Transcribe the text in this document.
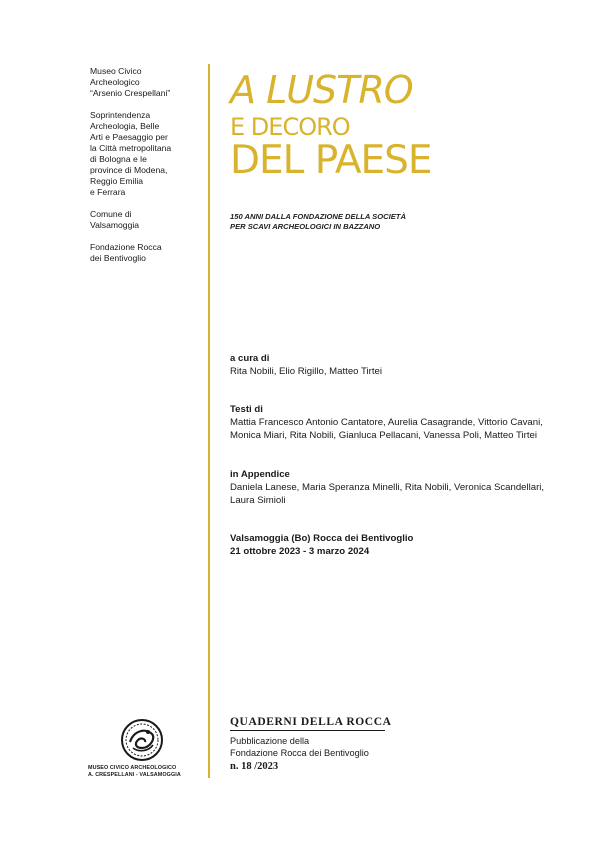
Museo Civico
Archeologico
“Arsenio Crespellani”
Soprintendenza
Archeologia, Belle
Arti e Paesaggio per
la Città metropolitana
di Bologna e le
province di Modena,
Reggio Emilia
e Ferrara
Comune di
Valsamoggia
Fondazione Rocca
dei Bentivoglio
A LUSTRO
E DECORO
DEL PAESE
150 ANNI DALLA FONDAZIONE DELLA SOCIETÀ
PER SCAVI ARCHEOLOGICI IN BAZZANO
a cura di
Rita Nobili, Elio Rigillo, Matteo Tirtei
Testi di
Mattia Francesco Antonio Cantatore, Aurelia Casagrande, Vittorio Cavani, Monica Miari, Rita Nobili, Gianluca Pellacani, Vanessa Poli, Matteo Tirtei
in Appendice
Daniela Lanese, Maria Speranza Minelli, Rita Nobili, Veronica Scandellari, Laura Simioli
Valsamoggia (Bo) Rocca dei Bentivoglio
21 ottobre 2023 - 3 marzo 2024
MUSEO CIVICO ARCHEOLOGICO
A. CRESPELLANI - VALSAMOGGIA
QUADERNI DELLA ROCCA
Pubblicazione della
Fondazione Rocca dei Bentivoglio
n. 18 /2023
